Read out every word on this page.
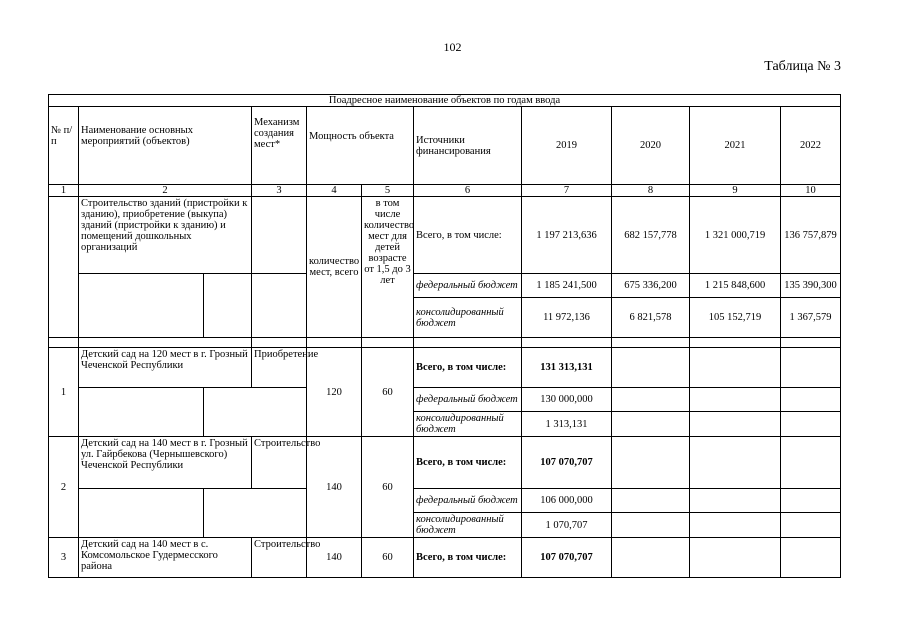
102
Таблица № 3
Поадресное наименование объектов по годам ввода										
№ п/п	Наименование основных мероприятий (объектов)		Механизм создания мест*	Мощность объекта		Источники финансирования	2019	2020	2021	2022
1	2		3	4	5	6	7	8	9	10
	Строительство зданий (пристройки к зданию), приобретение (выкупа) зданий (пристройки к зданию) и помещений дошкольных организаций			количество мест, всего	в том числе количество мест для детей возрасте от 1,5 до 3 лет	Всего, в том числе:	1 197 213,636	682 157,778	1 321 000,719	136 757,879
						федеральный бюджет	1 185 241,500	675 336,200	1 215 848,600	135 390,300
						консолидированный бюджет	11 972,136	6 821,578	105 152,719	1 367,579

1	Детский сад на 120 мест в г. Грозный Чеченской Республики		Приобретение	120	60	Всего, в том числе:	131 313,131			
						федеральный бюджет	130 000,000			
						консолидированный бюджет	1 313,131			
2	Детский сад на 140 мест в г. Грозный ул. Гайрбекова (Чернышевского) Чеченской Республики		Строительство	140	60	Всего, в том числе:	107 070,707			
						федеральный бюджет	106 000,000			
						консолидированный бюджет	1 070,707			
3	Детский сад на 140 мест в с. Комсомольское Гудермесского района		Строительство	140	60	Всего, в том числе:	107 070,707			
